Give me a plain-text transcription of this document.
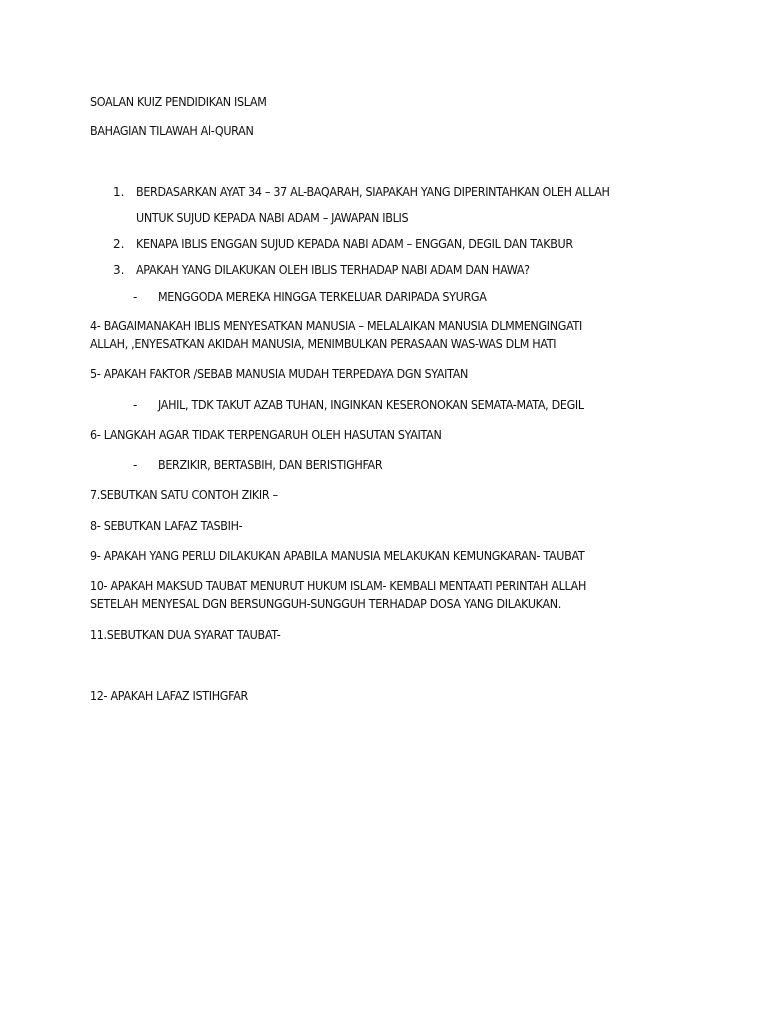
SOALAN KUIZ PENDIDIKAN ISLAM
BAHAGIAN TILAWAH Al-QURAN
1. BERDASARKAN AYAT 34 – 37 AL-BAQARAH, SIAPAKAH YANG DIPERINTAHKAN OLEH ALLAH
UNTUK SUJUD KEPADA NABI ADAM – JAWAPAN IBLIS
2. KENAPA IBLIS ENGGAN SUJUD KEPADA NABI ADAM – ENGGAN, DEGIL DAN TAKBUR
3. APAKAH YANG DILAKUKAN OLEH IBLIS TERHADAP NABI ADAM DAN HAWA?
- MENGGODA MEREKA HINGGA TERKELUAR DARIPADA SYURGA
4- BAGAIMANAKAH IBLIS MENYESATKAN MANUSIA – MELALAIKAN MANUSIA DLMMENGINGATI
ALLAH, ,ENYESATKAN AKIDAH MANUSIA, MENIMBULKAN PERASAAN WAS-WAS DLM HATI
5- APAKAH FAKTOR /SEBAB MANUSIA MUDAH TERPEDAYA DGN SYAITAN
- JAHIL, TDK TAKUT AZAB TUHAN, INGINKAN KESERONOKAN SEMATA-MATA, DEGIL
6- LANGKAH AGAR TIDAK TERPENGARUH OLEH HASUTAN SYAITAN
- BERZIKIR, BERTASBIH, DAN BERISTIGHFAR
7.SEBUTKAN SATU CONTOH ZIKIR –
8- SEBUTKAN LAFAZ TASBIH-
9- APAKAH YANG PERLU DILAKUKAN APABILA MANUSIA MELAKUKAN KEMUNGKARAN- TAUBAT
10- APAKAH MAKSUD TAUBAT MENURUT HUKUM ISLAM- KEMBALI MENTAATI PERINTAH ALLAH
SETELAH MENYESAL DGN BERSUNGGUH-SUNGGUH TERHADAP DOSA YANG DILAKUKAN.
11.SEBUTKAN DUA SYARAT TAUBAT-
12- APAKAH LAFAZ ISTIHGFAR
